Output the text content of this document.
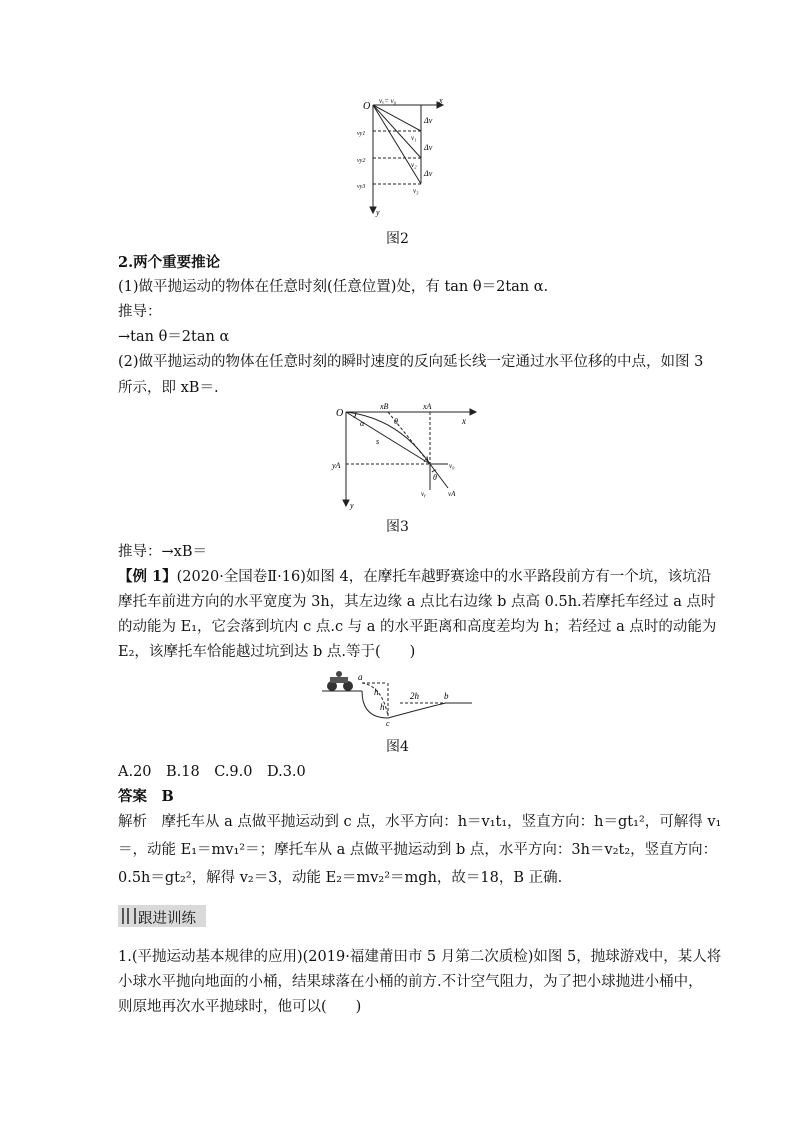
O
x
y
vₓ= v₀
Δv
Δv
Δv
v₁
v₂
v₃
vy1
vy2
vy3
图2
2.两个重要推论
(1)做平抛运动的物体在任意时刻(任意位置)处，有 tan θ＝2tan α.
推导：
→tan θ＝2tan α
(2)做平抛运动的物体在任意时刻的瞬时速度的反向延长线一定通过水平位移的中点，如图 3
所示，即 xB＝.
O
xB	xA
x
α	θ
s
yA
A
v₀
θ
vᵧ	vA
y
图3
推导：→xB＝
【例 1】(2020·全国卷Ⅱ·16)如图 4，在摩托车越野赛途中的水平路段前方有一个坑，该坑沿
摩托车前进方向的水平宽度为 3h，其左边缘 a 点比右边缘 b 点高 0.5h.若摩托车经过 a 点时
的动能为 E₁，它会落到坑内 c 点.c 与 a 的水平距离和高度差均为 h；若经过 a 点时的动能为
E₂，该摩托车恰能越过坑到达 b 点.等于(　　)
a
h
h
2h	b
c
图4
A.20　B.18　C.9.0　D.3.0
答案　B
解析　摩托车从 a 点做平抛运动到 c 点，水平方向：h＝v₁t₁，竖直方向：h＝gt₁²，可解得 v₁
＝，动能 E₁＝mv₁²＝；摩托车从 a 点做平抛运动到 b 点，水平方向：3h＝v₂t₂，竖直方向：
0.5h＝gt₂²，解得 v₂＝3，动能 E₂＝mv₂²＝mgh，故＝18，B 正确.
跟进训练
1.(平抛运动基本规律的应用)(2019·福建莆田市 5 月第二次质检)如图 5，抛球游戏中，某人将
小球水平抛向地面的小桶，结果球落在小桶的前方.不计空气阻力，为了把小球抛进小桶中，
则原地再次水平抛球时，他可以(　　)
